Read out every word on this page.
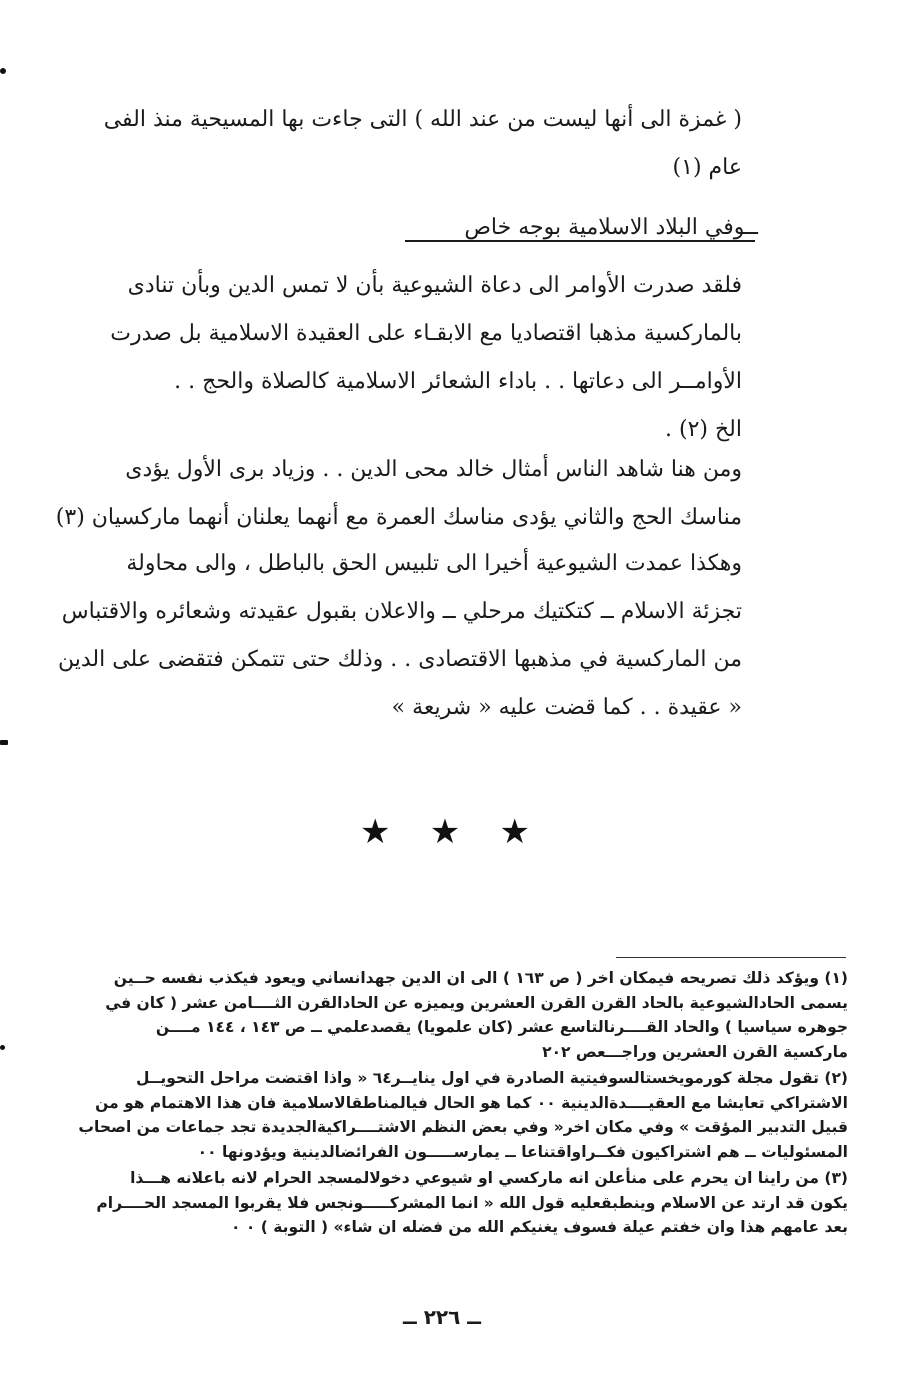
( غمزة الى أنها ليست من عند الله ) التى جاءت بها المسيحية منذ الفى
عام (١)
ــوفي البلاد الاسلامية بوجه خاص
فلقد صدرت الأوامر الى دعاة الشيوعية بأن لا تمس الدين وبأن تنادى
بالماركسية مذهبا اقتصاديا مع الابقـاء على العقيدة الاسلامية بل صدرت
الأوامــر الى دعاتها . . باداء الشعائر الاسلامية كالصلاة والحج . .
الخ (٢) .
ومن هنا شاهد الناس أمثال خالد محى الدين . . وزياد برى الأول يؤدى
مناسك الحج والثاني يؤدى مناسك العمرة مع أنهما يعلنان أنهما ماركسيان (٣)
وهكذا عمدت الشيوعية أخيرا الى تلبيس الحق بالباطل ، والى محاولة
تجزئة الاسلام ــ كتكتيك مرحلي ــ والاعلان بقبول عقيدته وشعائره والاقتباس
من الماركسية في مذهبها الاقتصادى . . وذلك حتى تتمكن فتقضى على الدين
« عقيدة . . كما قضت عليه « شريعة »
★ ★ ★
(١) ويؤكد ذلك تصريحه فيمكان اخر ( ص ١٦٣ ) الى ان الدين جهدانساني ويعود فيكذب نفسه حــين
يسمى الحادالشيوعية بالحاد القرن القرن العشرين ويميزه عن الحادالقرن الثــــامن عشر ( كان في
جوهره سياسيا ) والحاد القــــرنالتاسع عشر (كان علمويا) يقصدعلمي ــ ص ١٤٣ ، ١٤٤ مــــن
ماركسية القرن العشرين وراجـــعص ٢٠٢
(٢) تقول مجلة كورمويخستالسوفيتية الصادرة في اول ينايــر٦٤ « واذا اقتضت مراحل التحويــل
الاشتراكي تعايشا مع العقيــــدةالدينية ٠٠ كما هو الحال فيالمناطقالاسلامية فان هذا الاهتمام هو من
قبيل التدبير المؤقت » وفي مكان اخر« وفي بعض النظم الاشتــــراكيةالجديدة تجد جماعات من اصحاب
المسئوليات ــ هم اشتراكيون فكــراواقتناعا ــ يمارســـــون الفرائضالدينية ويؤدونها ٠٠
(٣) من راينا ان يحرم على منأعلن انه ماركسي او شيوعي دخولالمسجد الحرام لانه باعلانه هـــذا
يكون قد ارتد عن الاسلام وينطبقعليه قول الله « انما المشركـــــونجس فلا يقربوا المسجد الحــــرام
بعد عامهم هذا وان خفتم عيلة فسوف يغنيكم الله من فضله ان شاء» ( التوبة ) ٠ ٠
ــ ٢٢٦ ــ
